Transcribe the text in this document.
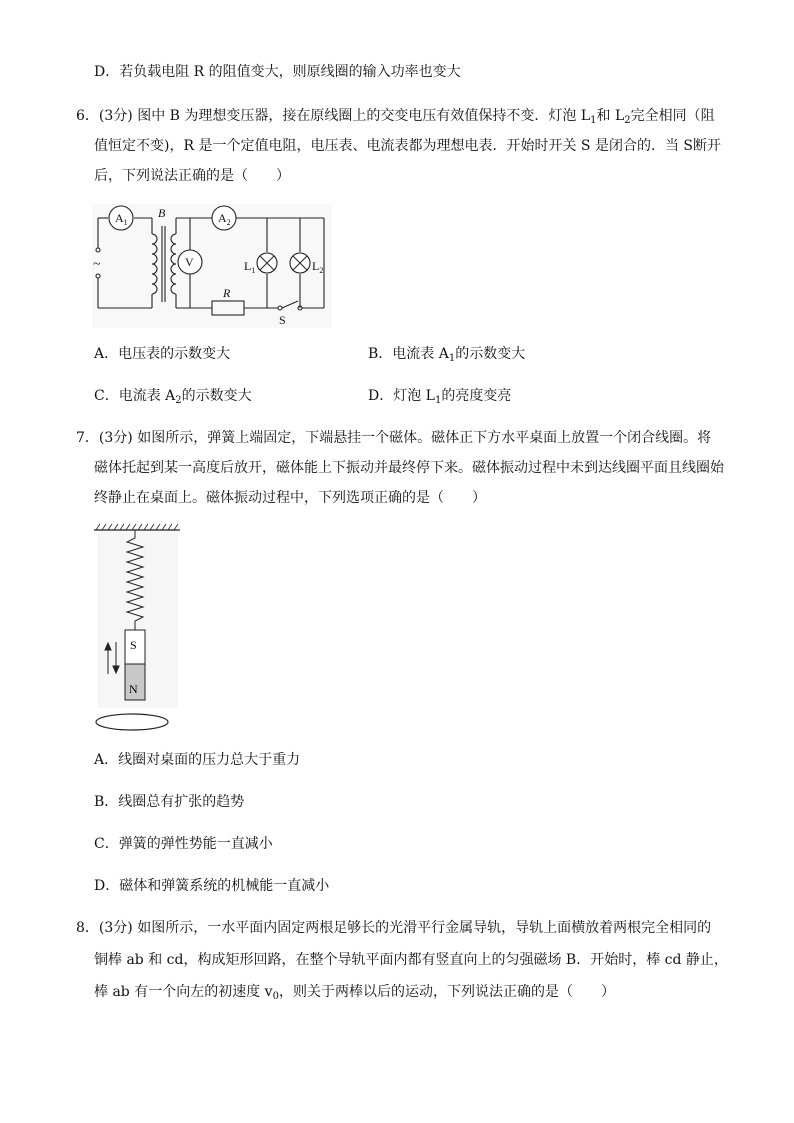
D．若负载电阻 R 的阻值变大，则原线圈的输入功率也变大
6．(3分) 图中 B 为理想变压器，接在原线圈上的交变电压有效值保持不变．灯泡 $L_1$和 $L_2$完全相同（阻
值恒定不变)，R 是一个定值电阻，电压表、电流表都为理想电表．开始时开关 S 是闭合的．当 S断开
后，下列说法正确的是（　　）
$A_1$	$A_2$
V
B
R
S
$L_1$	$L_2$
~
A．电压表的示数变大	B．电流表 $A_1$的示数变大
C．电流表 $A_2$的示数变大	D．灯泡 $L_1$的亮度变亮
7．(3分) 如图所示，弹簧上端固定，下端悬挂一个磁体。磁体正下方水平桌面上放置一个闭合线圈。将
磁体托起到某一高度后放开，磁体能上下振动并最终停下来。磁体振动过程中未到达线圈平面且线圈始
终静止在桌面上。磁体振动过程中，下列选项正确的是（　　）
S
N
A．线圈对桌面的压力总大于重力
B．线圈总有扩张的趋势
C．弹簧的弹性势能一直减小
D．磁体和弹簧系统的机械能一直减小
8．(3分) 如图所示，一水平面内固定两根足够长的光滑平行金属导轨，导轨上面横放着两根完全相同的
铜棒 ab 和 cd，构成矩形回路，在整个导轨平面内都有竖直向上的匀强磁场 B．开始时，棒 cd 静止，
棒 ab 有一个向左的初速度 $v_0$，则关于两棒以后的运动，下列说法正确的是（　　）
